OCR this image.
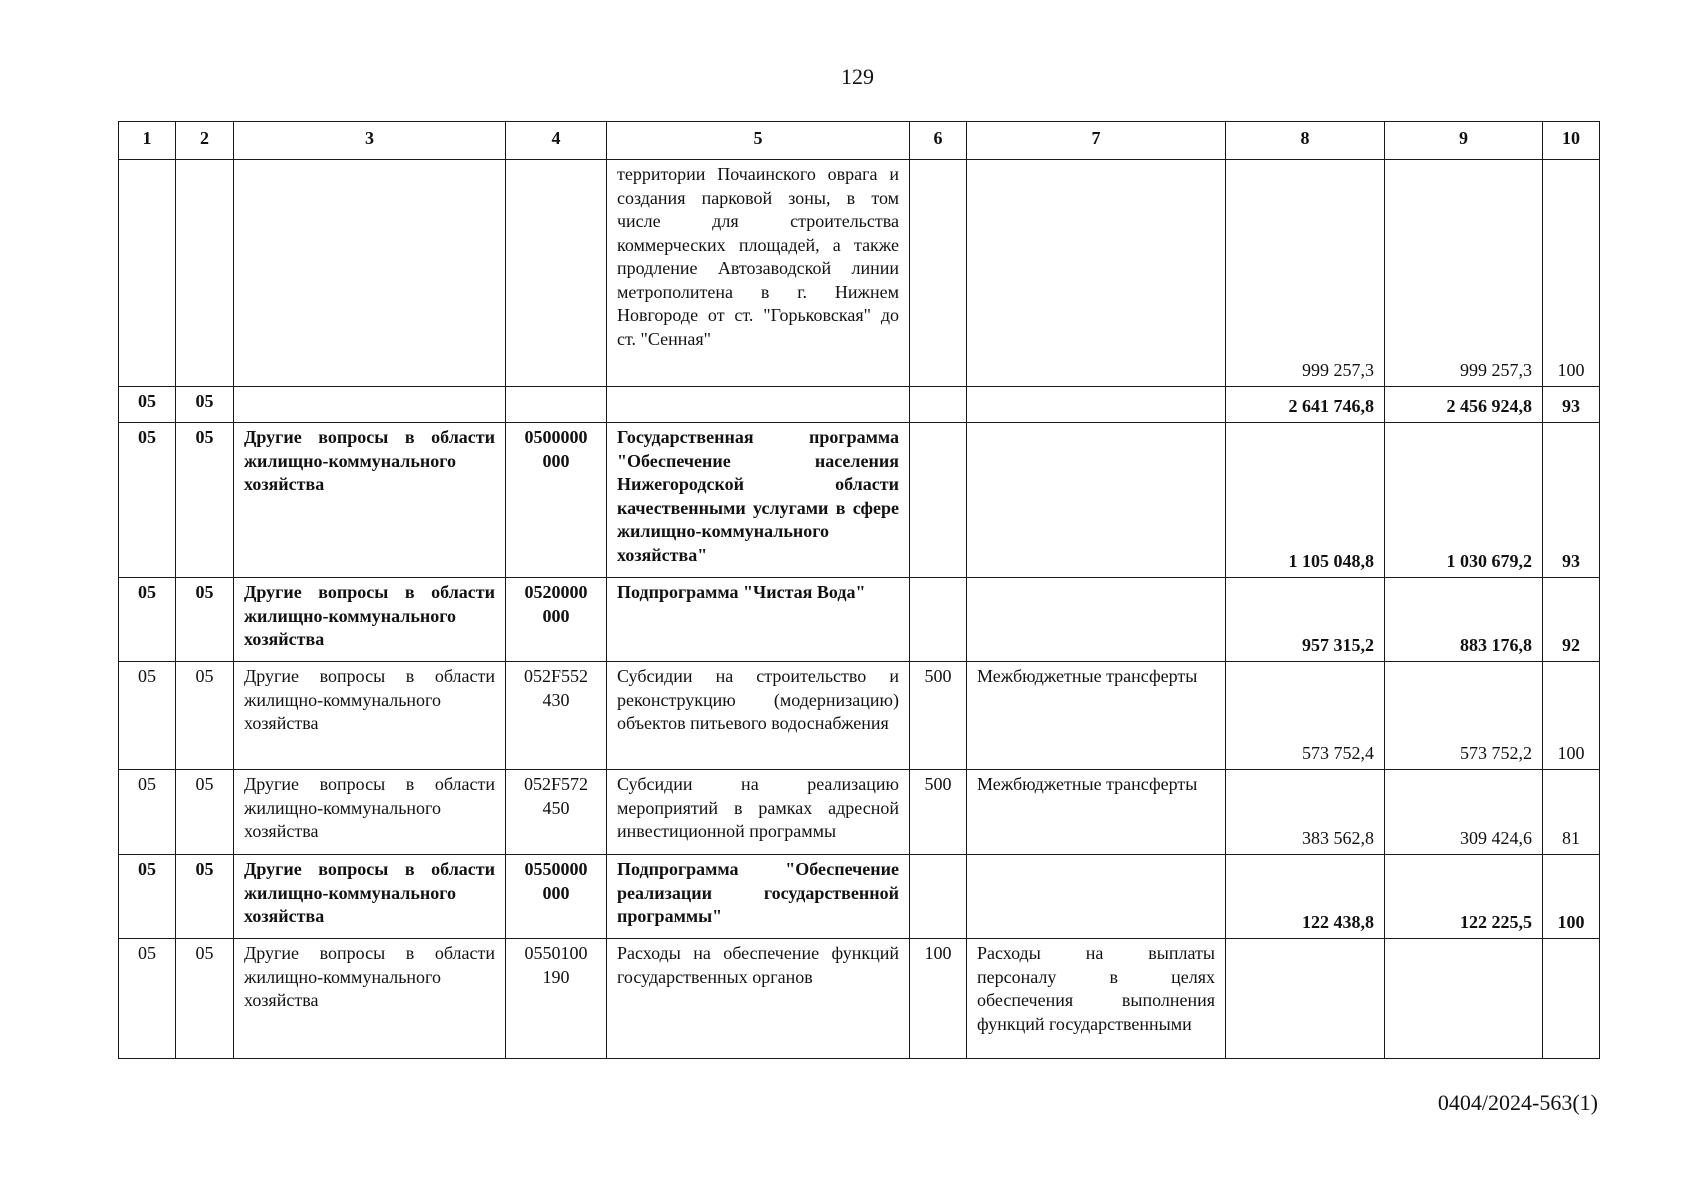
129
1	2	3	4	5	6	7	8	9	10
				территории Почаинского оврага и создания парковой зоны, в том числе для строительства коммерческих площадей, а также продление Автозаводской линии метрополитена в г. Нижнем Новгороде от ст. "Горьковская" до ст. "Сенная"			999 257,3	999 257,3	100
05	05						2 641 746,8	2 456 924,8	93
05	05	Другие вопросы в области жилищно-коммунального хозяйства	0500000 000	Государственная программа "Обеспечение населения Нижегородской области качественными услугами в сфере жилищно-коммунального хозяйства"			1 105 048,8	1 030 679,2	93
05	05	Другие вопросы в области жилищно-коммунального хозяйства	0520000 000	Подпрограмма "Чистая Вода"			957 315,2	883 176,8	92
05	05	Другие вопросы в области жилищно-коммунального хозяйства	052F552 430	Субсидии на строительство и реконструкцию (модернизацию) объектов питьевого водоснабжения	500	Межбюджетные трансферты	573 752,4	573 752,2	100
05	05	Другие вопросы в области жилищно-коммунального хозяйства	052F572 450	Субсидии на реализацию мероприятий в рамках адресной инвестиционной программы	500	Межбюджетные трансферты	383 562,8	309 424,6	81
05	05	Другие вопросы в области жилищно-коммунального хозяйства	0550000 000	Подпрограмма "Обеспечение реализации государственной программы"			122 438,8	122 225,5	100
05	05	Другие вопросы в области жилищно-коммунального хозяйства	0550100 190	Расходы на обеспечение функций государственных органов	100	Расходы на выплаты персоналу в целях обеспечения выполнения функций государственными			
0404/2024-563(1)
